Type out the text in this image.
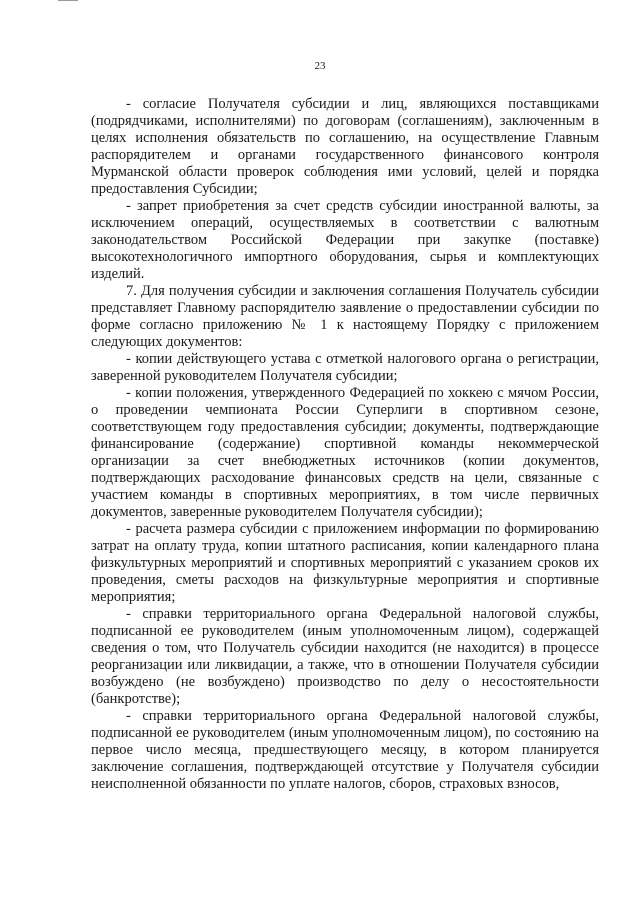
23

- согласие Получателя субсидии и лиц, являющихся поставщиками (подрядчиками, исполнителями) по договорам (соглашениям), заключенным в целях исполнения обязательств по соглашению, на осуществление Главным распорядителем и органами государственного финансового контроля Мурманской области проверок соблюдения ими условий, целей и порядка предоставления Субсидии;

- запрет приобретения за счет средств субсидии иностранной валюты, за исключением операций, осуществляемых в соответствии с валютным законодательством Российской Федерации при закупке (поставке) высокотехнологичного импортного оборудования, сырья и комплектующих изделий.

7. Для получения субсидии и заключения соглашения Получатель субсидии представляет Главному распорядителю заявление о предоставлении субсидии по форме согласно приложению № 1 к настоящему Порядку с приложением следующих документов:

- копии действующего устава с отметкой налогового органа о регистрации, заверенной руководителем Получателя субсидии;

- копии положения, утвержденного Федерацией по хоккею с мячом России, о проведении чемпионата России Суперлиги в спортивном сезоне, соответствующем году предоставления субсидии; документы, подтверждающие финансирование (содержание) спортивной команды некоммерческой организации за счет внебюджетных источников (копии документов, подтверждающих расходование финансовых средств на цели, связанные с участием команды в спортивных мероприятиях, в том числе первичных документов, заверенные руководителем Получателя субсидии);

- расчета размера субсидии с приложением информации по формированию затрат на оплату труда, копии штатного расписания, копии календарного плана физкультурных мероприятий и спортивных мероприятий с указанием сроков их проведения, сметы расходов на физкультурные мероприятия и спортивные мероприятия;

- справки территориального органа Федеральной налоговой службы, подписанной ее руководителем (иным уполномоченным лицом), содержащей сведения о том, что Получатель субсидии находится (не находится) в процессе реорганизации или ликвидации, а также, что в отношении Получателя субсидии возбуждено (не возбуждено) производство по делу о несостоятельности (банкротстве);

- справки территориального органа Федеральной налоговой службы, подписанной ее руководителем (иным уполномоченным лицом), по состоянию на первое число месяца, предшествующего месяцу, в котором планируется заключение соглашения, подтверждающей отсутствие у Получателя субсидии неисполненной обязанности по уплате налогов, сборов, страховых взносов,
